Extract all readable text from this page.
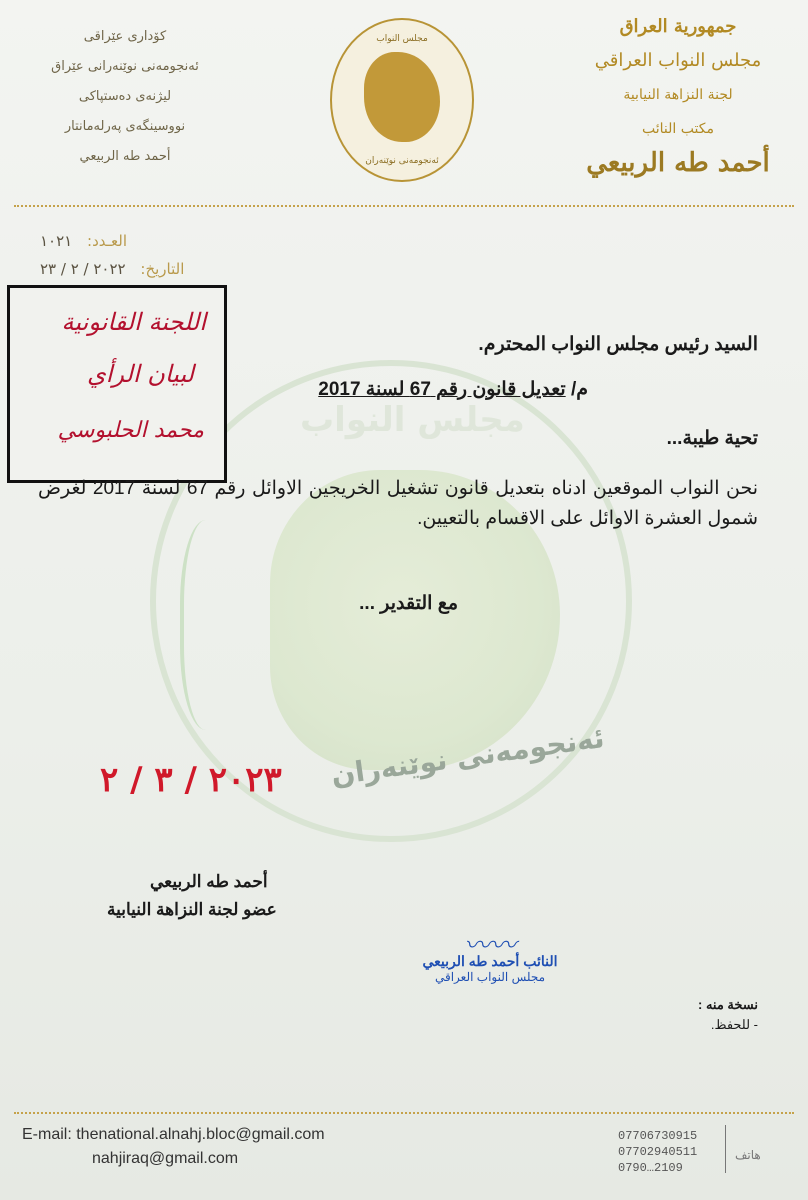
کۆداری عێراقی
ئەنجومەنی نوێنەرانی عێراق
لیژنەی دەستپاکی
نووسینگەی پەرلەمانتار
أحمد طه الربيعي
مجلس النواب
ئەنجومەنی نوێنەران
جمهورية العراق
مجلس النواب العراقي
لجنة النزاهة النيابية
مكتب النائب
أحمد طه الربيعي
العـدد: ١٠٢١
التاريخ: ٢٠٢٢ / ٢ / ٢٣
مجلس النواب
ئەنجومەنی نوێنەران
اللجنة القانونية
لبيان الرأي
محمد الحلبوسي
السيد رئيس مجلس النواب المحترم.
م/ تعديل قانون رقم 67 لسنة 2017
تحية طيبة...
نحن النواب الموقعين ادناه بتعديل قانون تشغيل الخريجين الاوائل رقم 67 لسنة 2017 لغرض شمول العشرة الاوائل على الاقسام بالتعيين.
مع التقدير ...
٢٠٢٣ / ٣ / ٢
أحمد طه الربيعي
عضو لجنة النزاهة النيابية
〰〰
النائب أحمد طه الربيعي
مجلس النواب العراقي
نسخة منه :
- للحفظ.
E-mail: thenational.alnahj.bloc@gmail.com
nahjiraq@gmail.com
07706730915
07702940511
0790…2109
هاتف
